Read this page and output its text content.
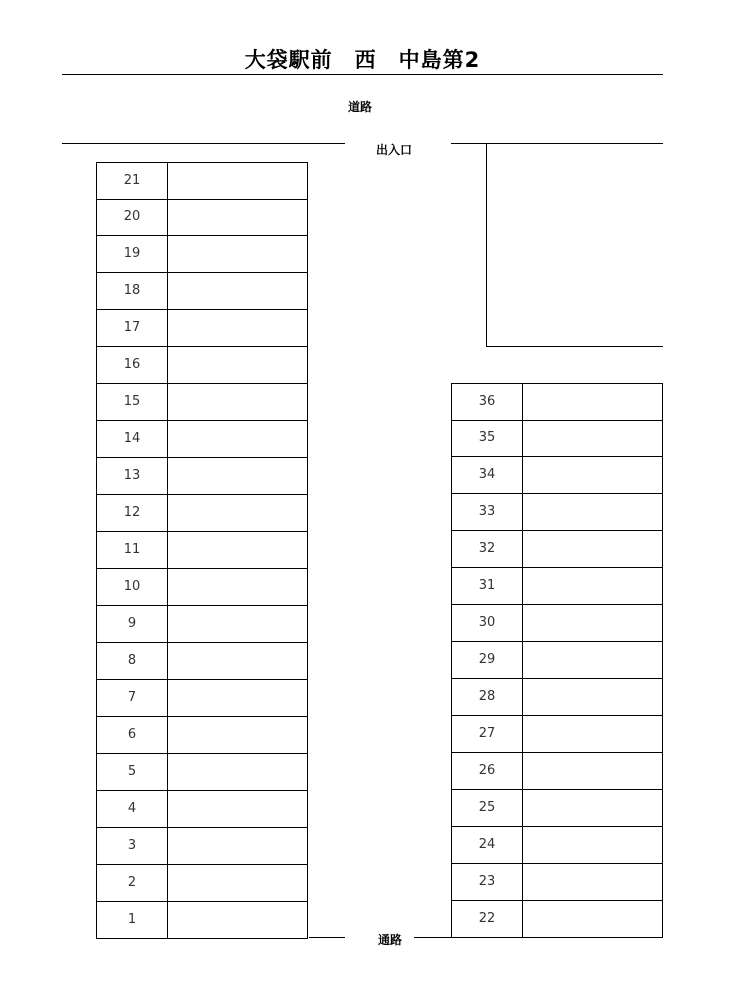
大袋駅前　西　中島第2
道路
出入口
21
20
19
18
17
16
15
14
13
12
11
10
9
8
7
6
5
4
3
2
1
36
35
34
33
32
31
30
29
28
27
26
25
24
23
22
通路
